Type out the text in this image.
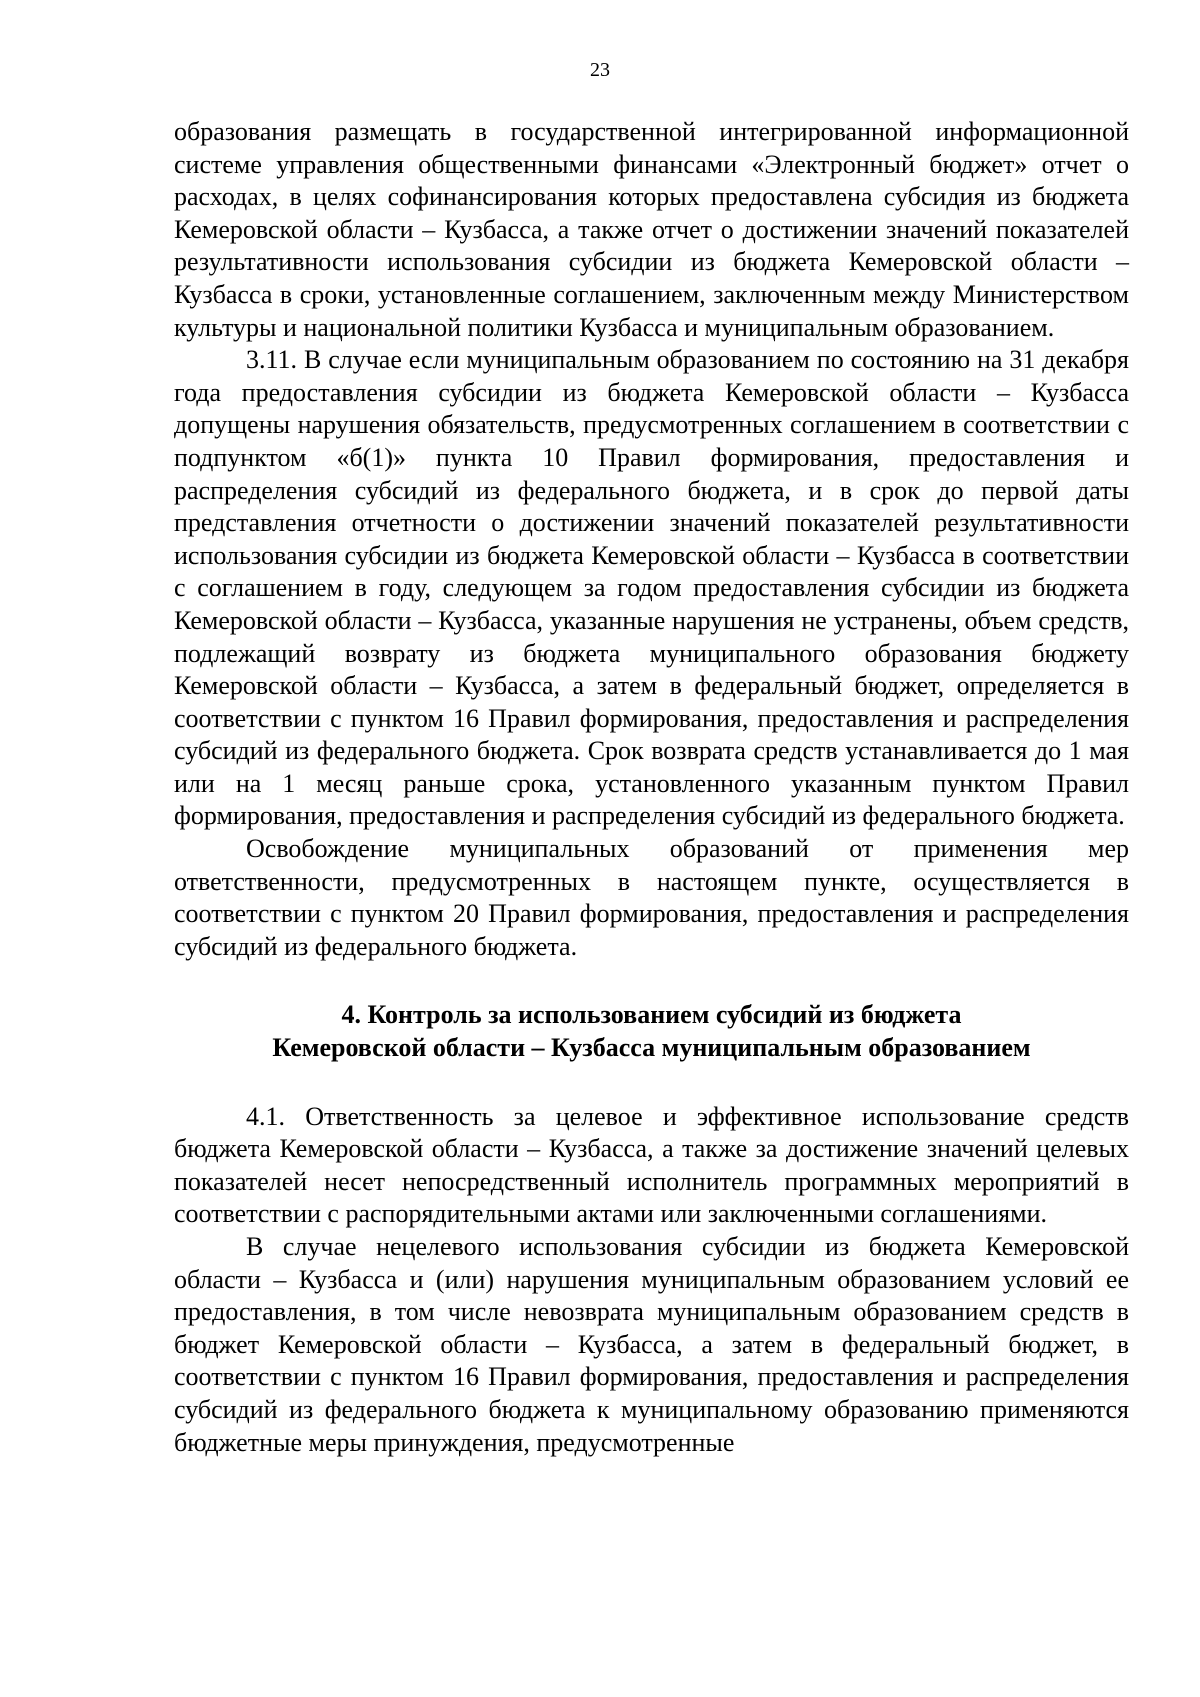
23

образования размещать в государственной интегрированной информационной системе управления общественными финансами «Электронный бюджет» отчет о расходах, в целях софинансирования которых предоставлена субсидия из бюджета Кемеровской области – Кузбасса, а также отчет о достижении значений показателей результативности использования субсидии из бюджета Кемеровской области – Кузбасса в сроки, установленные соглашением, заключенным между Министерством культуры и национальной политики Кузбасса и муниципальным образованием.

3.11. В случае если муниципальным образованием по состоянию на 31 декабря года предоставления субсидии из бюджета Кемеровской области – Кузбасса допущены нарушения обязательств, предусмотренных соглашением в соответствии с подпунктом «б(1)» пункта 10 Правил формирования, предоставления и распределения субсидий из федерального бюджета, и в срок до первой даты представления отчетности о достижении значений показателей результативности использования субсидии из бюджета Кемеровской области – Кузбасса в соответствии с соглашением в году, следующем за годом предоставления субсидии из бюджета Кемеровской области – Кузбасса, указанные нарушения не устранены, объем средств, подлежащий возврату из бюджета муниципального образования бюджету Кемеровской области – Кузбасса, а затем в федеральный бюджет, определяется в соответствии с пунктом 16 Правил формирования, предоставления и распределения субсидий из федерального бюджета. Срок возврата средств устанавливается до 1 мая или на 1 месяц раньше срока, установленного указанным пунктом Правил формирования, предоставления и распределения субсидий из федерального бюджета.

Освобождение муниципальных образований от применения мер ответственности, предусмотренных в настоящем пункте, осуществляется в соответствии с пунктом 20 Правил формирования, предоставления и распределения субсидий из федерального бюджета.

4. Контроль за использованием субсидий из бюджета
Кемеровской области – Кузбасса муниципальным образованием

4.1. Ответственность за целевое и эффективное использование средств бюджета Кемеровской области – Кузбасса, а также за достижение значений целевых показателей несет непосредственный исполнитель программных мероприятий в соответствии с распорядительными актами или заключенными соглашениями.

В случае нецелевого использования субсидии из бюджета Кемеровской области – Кузбасса и (или) нарушения муниципальным образованием условий ее предоставления, в том числе невозврата муниципальным образованием средств в бюджет Кемеровской области – Кузбасса, а затем в федеральный бюджет, в соответствии с пунктом 16 Правил формирования, предоставления и распределения субсидий из федерального бюджета к муниципальному образованию применяются бюджетные меры принуждения, предусмотренные
